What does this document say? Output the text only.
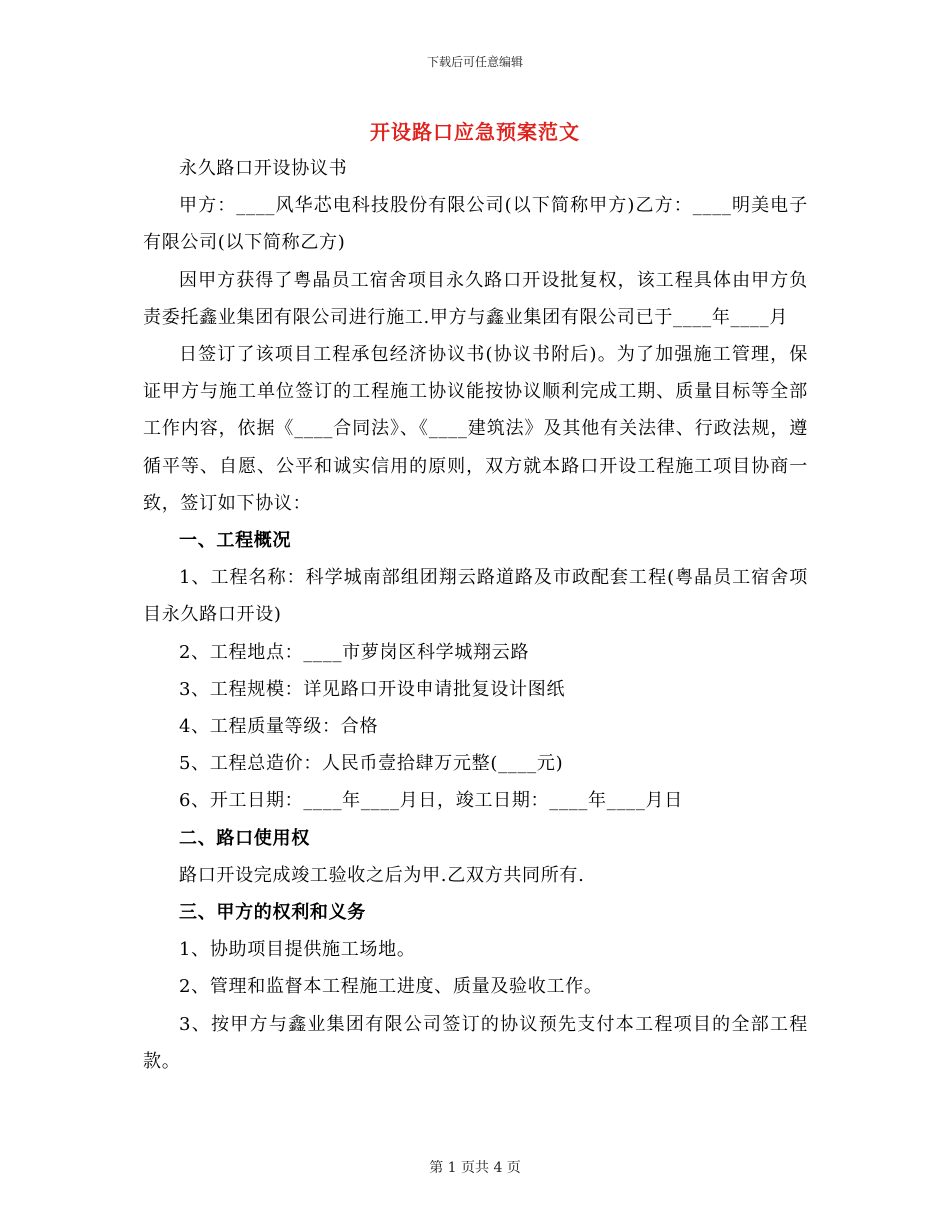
下载后可任意编辑
开设路口应急预案范文

永久路口开设协议书

甲方：____风华芯电科技股份有限公司(以下简称甲方)乙方：____明美电子有限公司(以下简称乙方)

因甲方获得了粤晶员工宿舍项目永久路口开设批复权，该工程具体由甲方负责委托鑫业集团有限公司进行施工.甲方与鑫业集团有限公司已于____年____月

日签订了该项目工程承包经济协议书(协议书附后)。为了加强施工管理，保证甲方与施工单位签订的工程施工协议能按协议顺利完成工期、质量目标等全部工作内容，依据《____合同法》、《____建筑法》及其他有关法律、行政法规，遵循平等、自愿、公平和诚实信用的原则，双方就本路口开设工程施工项目协商一致，签订如下协议：

一、工程概况

1、工程名称：科学城南部组团翔云路道路及市政配套工程(粤晶员工宿舍项目永久路口开设)

2、工程地点：____市萝岗区科学城翔云路

3、工程规模：详见路口开设申请批复设计图纸

4、工程质量等级：合格

5、工程总造价：人民币壹拾肆万元整(____元)

6、开工日期：____年____月日，竣工日期：____年____月日

二、路口使用权

路口开设完成竣工验收之后为甲.乙双方共同所有.

三、甲方的权利和义务

1、协助项目提供施工场地。

2、管理和监督本工程施工进度、质量及验收工作。

3、按甲方与鑫业集团有限公司签订的协议预先支付本工程项目的全部工程款。

第 1 页共 4 页
